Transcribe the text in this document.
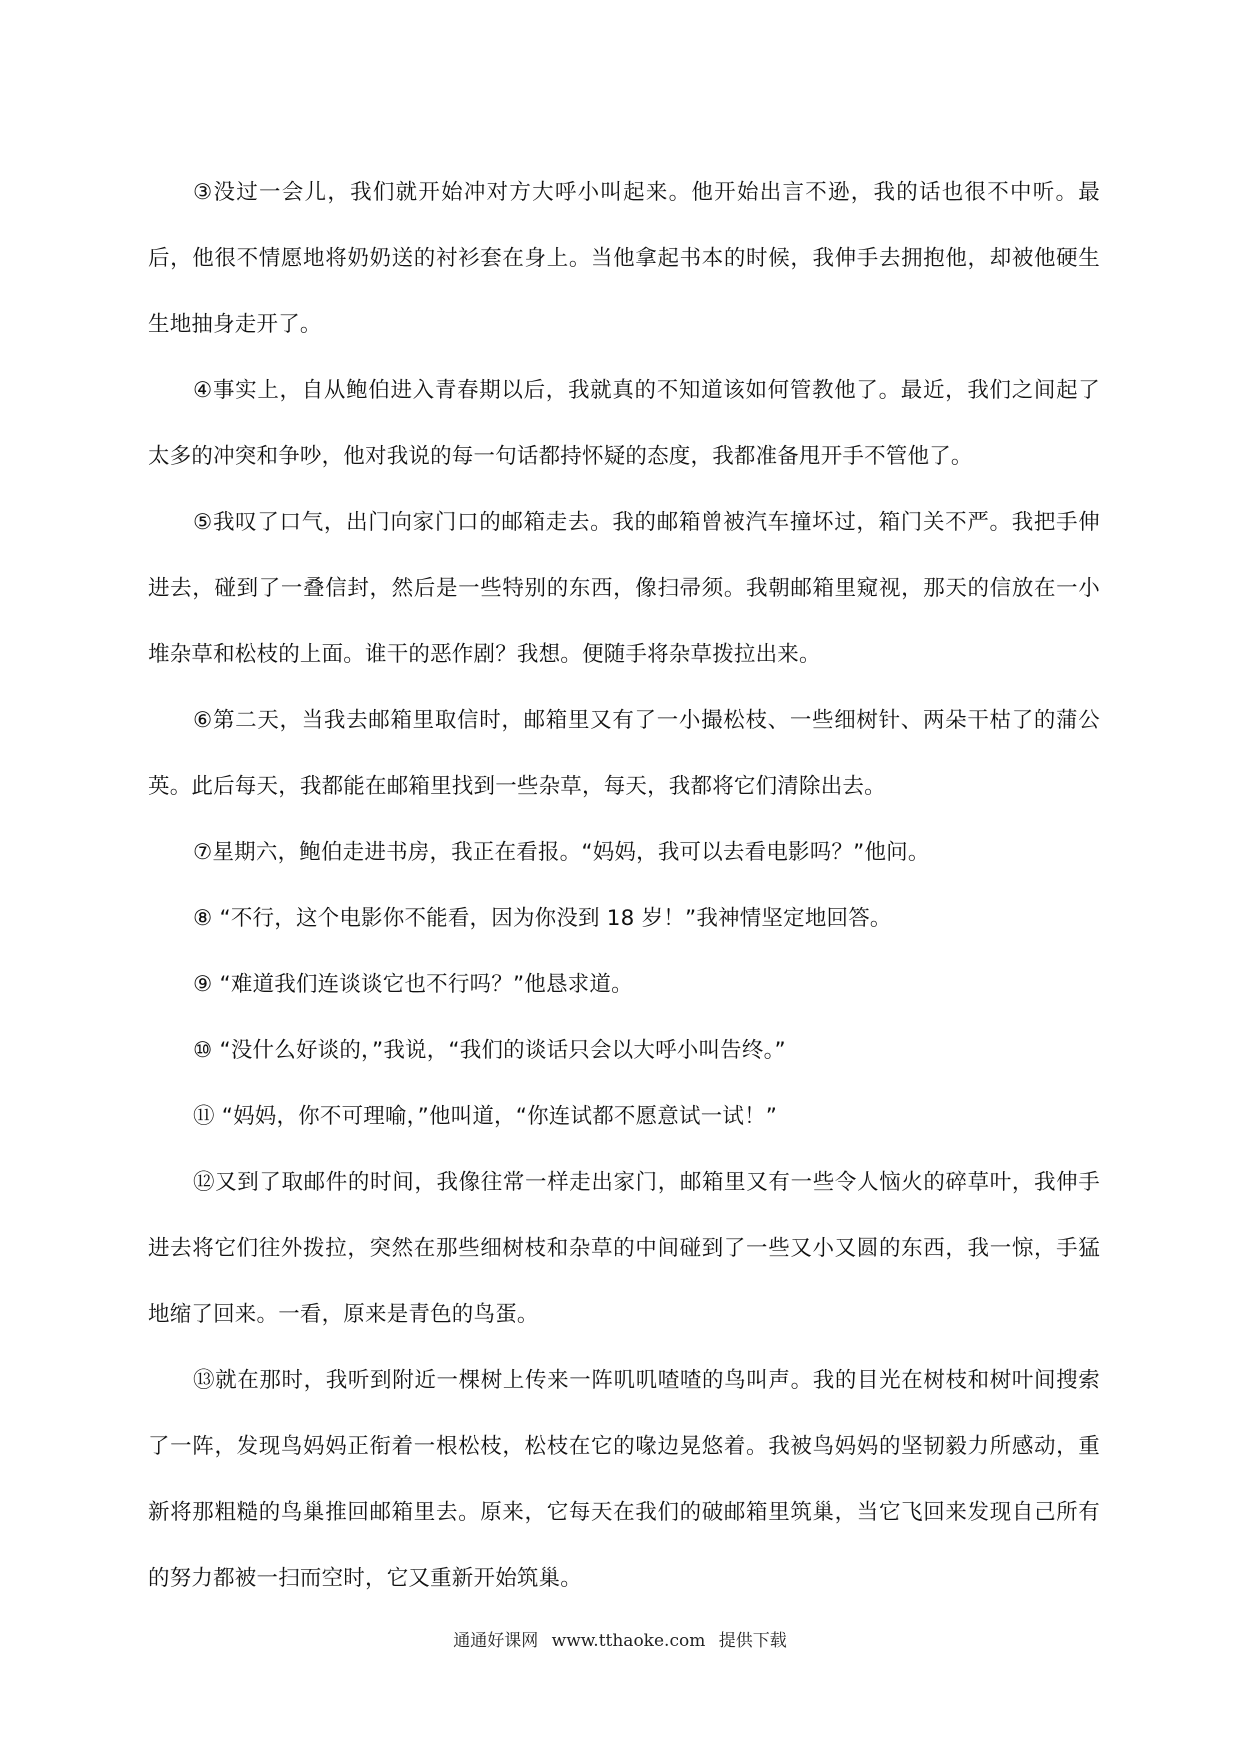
③没过一会儿，我们就开始冲对方大呼小叫起来。他开始出言不逊，我的话也很不中听。最后，他很不情愿地将奶奶送的衬衫套在身上。当他拿起书本的时候，我伸手去拥抱他，却被他硬生生地抽身走开了。

④事实上，自从鲍伯进入青春期以后，我就真的不知道该如何管教他了。最近，我们之间起了太多的冲突和争吵，他对我说的每一句话都持怀疑的态度，我都准备甩开手不管他了。

⑤我叹了口气，出门向家门口的邮箱走去。我的邮箱曾被汽车撞坏过，箱门关不严。我把手伸进去，碰到了一叠信封，然后是一些特别的东西，像扫帚须。我朝邮箱里窥视，那天的信放在一小堆杂草和松枝的上面。谁干的恶作剧？我想。便随手将杂草拨拉出来。

⑥第二天，当我去邮箱里取信时，邮箱里又有了一小撮松枝、一些细树针、两朵干枯了的蒲公英。此后每天，我都能在邮箱里找到一些杂草，每天，我都将它们清除出去。

⑦星期六，鲍伯走进书房，我正在看报。“妈妈，我可以去看电影吗？”他问。

⑧ “不行，这个电影你不能看，因为你没到 18 岁！”我神情坚定地回答。

⑨ “难道我们连谈谈它也不行吗？”他恳求道。

⑩ “没什么好谈的，”我说，“我们的谈话只会以大呼小叫告终。”

⑪ “妈妈，你不可理喻，”他叫道，“你连试都不愿意试一试！”

⑫又到了取邮件的时间，我像往常一样走出家门，邮箱里又有一些令人恼火的碎草叶，我伸手进去将它们往外拨拉，突然在那些细树枝和杂草的中间碰到了一些又小又圆的东西，我一惊，手猛地缩了回来。一看，原来是青色的鸟蛋。

⑬就在那时，我听到附近一棵树上传来一阵叽叽喳喳的鸟叫声。我的目光在树枝和树叶间搜索了一阵，发现鸟妈妈正衔着一根松枝，松枝在它的喙边晃悠着。我被鸟妈妈的坚韧毅力所感动，重新将那粗糙的鸟巢推回邮箱里去。原来，它每天在我们的破邮箱里筑巢，当它飞回来发现自己所有的努力都被一扫而空时，它又重新开始筑巢。

通通好课网 www.tthaoke.com 提供下载
